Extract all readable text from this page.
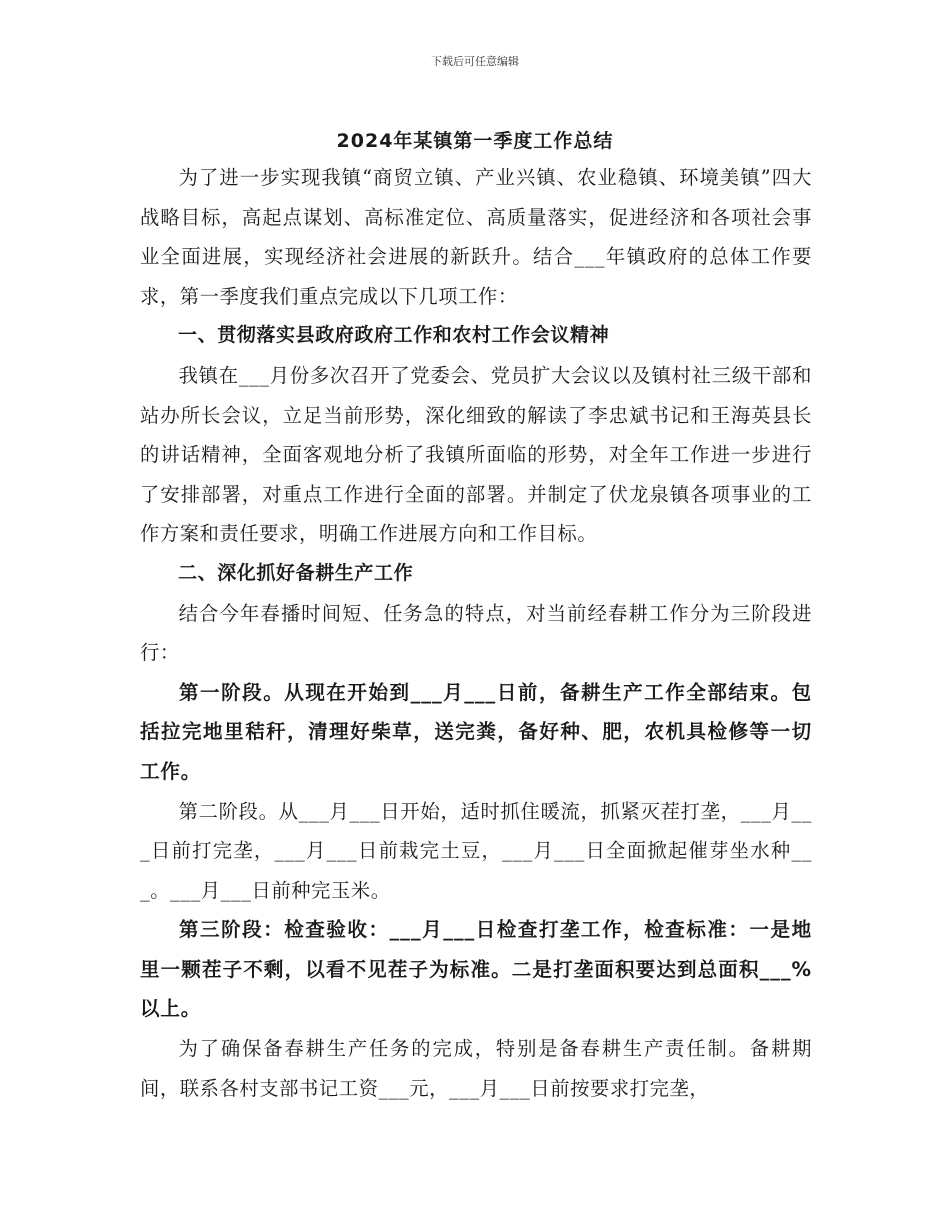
下载后可任意编辑
2024年某镇第一季度工作总结

为了进一步实现我镇“商贸立镇、产业兴镇、农业稳镇、环境美镇”四大战略目标，高起点谋划、高标准定位、高质量落实，促进经济和各项社会事业全面进展，实现经济社会进展的新跃升。结合___年镇政府的总体工作要求，第一季度我们重点完成以下几项工作：

一、贯彻落实县政府政府工作和农村工作会议精神

我镇在___月份多次召开了党委会、党员扩大会议以及镇村社三级干部和站办所长会议，立足当前形势，深化细致的解读了李忠斌书记和王海英县长的讲话精神，全面客观地分析了我镇所面临的形势，对全年工作进一步进行了安排部署，对重点工作进行全面的部署。并制定了伏龙泉镇各项事业的工作方案和责任要求，明确工作进展方向和工作目标。

二、深化抓好备耕生产工作

结合今年春播时间短、任务急的特点，对当前经春耕工作分为三阶段进行：

第一阶段。从现在开始到___月___日前，备耕生产工作全部结束。包括拉完地里秸秆，清理好柴草，送完粪，备好种、肥，农机具检修等一切工作。

第二阶段。从___月___日开始，适时抓住暖流，抓紧灭茬打垄，___月___日前打完垄，___月___日前栽完土豆，___月___日全面掀起催芽坐水种___。___月___日前种完玉米。

第三阶段：检查验收：___月___日检查打垄工作，检查标准：一是地里一颗茬子不剩，以看不见茬子为标准。二是打垄面积要达到总面积___%以上。

为了确保备春耕生产任务的完成，特别是备春耕生产责任制。备耕期间，联系各村支部书记工资___元，___月___日前按要求打完垄，
